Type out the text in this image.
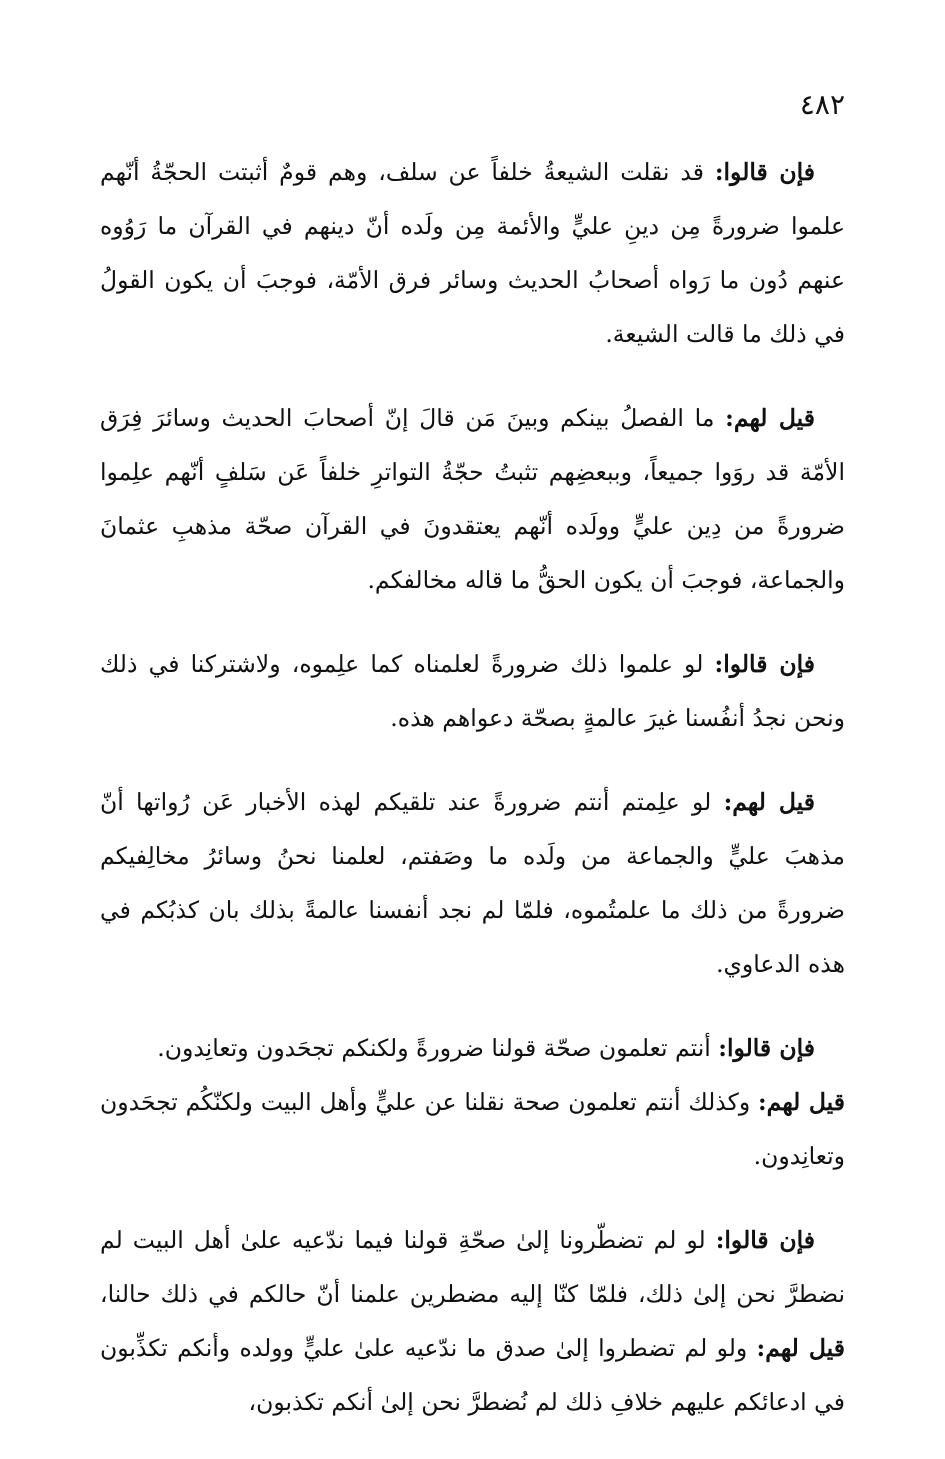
٤٨٢

فإن قالوا: قد نقلت الشيعةُ خلفاً عن سلف، وهم قومٌ أثبتت الحجّةُ أنّهم علموا ضرورةً مِن دينِ عليٍّ والأئمة مِن ولَده أنّ دينهم في القرآن ما رَوُوه عنهم دُون ما رَواه أصحابُ الحديث وسائر فرق الأمّة، فوجبَ أن يكون القولُ في ذلك ما قالت الشيعة.

قيل لهم: ما الفصلُ بينكم وبينَ مَن قالَ إنّ أصحابَ الحديث وسائرَ فِرَق الأمّة قد روَوا جميعاً، وببعضِهم تثبتُ حجّةُ التواترِ خلفاً عَن سَلفٍ أنّهم علِموا ضرورةً من دِين عليٍّ وولَده أنّهم يعتقدونَ في القرآن صحّة مذهبِ عثمانَ والجماعة، فوجبَ أن يكون الحقُّ ما قاله مخالفكم.

فإن قالوا: لو علموا ذلك ضرورةً لعلمناه كما علِموه، ولاشتركنا في ذلك ونحن نجدُ أنفُسنا غيرَ عالمةٍ بصحّة دعواهم هذه.

قيل لهم: لو علِمتم أنتم ضرورةً عند تلقيكم لهذه الأخبار عَن رُواتها أنّ مذهبَ عليٍّ والجماعة من ولَده ما وصَفتم، لعلمنا نحنُ وسائرُ مخالِفيكم ضرورةً من ذلك ما علمتُموه، فلمّا لم نجد أنفسنا عالمةً بذلك بان كذبُكم في هذه الدعاوي.

فإن قالوا: أنتم تعلمون صحّة قولنا ضرورةً ولكنكم تجحَدون وتعانِدون.

قيل لهم: وكذلك أنتم تعلمون صحة نقلنا عن عليٍّ وأهل البيت ولكنّكُم تجحَدون وتعانِدون.

فإن قالوا: لو لم تضطّرونا إلىٰ صحّةِ قولنا فيما ندّعيه علىٰ أهل البيت لم نضطرَّ نحن إلىٰ ذلك، فلمّا كنّا إليه مضطرين علمنا أنّ حالكم في ذلك حالنا، قيل لهم: ولو لم تضطروا إلىٰ صدق ما ندّعيه علىٰ عليٍّ وولده وأنكم تكذِّبون في ادعائكم عليهم خلافِ ذلك لم نُضطرَّ نحن إلىٰ أنكم تكذبون،
